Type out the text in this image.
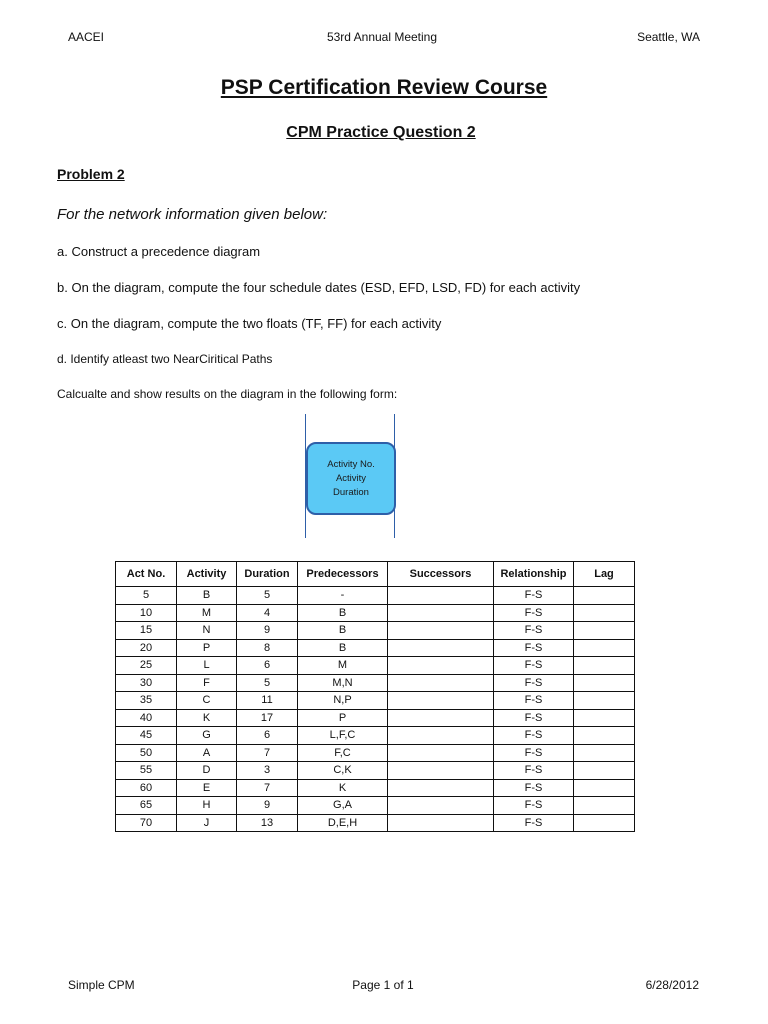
AACEI	53rd Annual Meeting	Seattle, WA
PSP Certification Review Course
CPM Practice Question 2
Problem 2
For the network information given below:
a. Construct a precedence diagram
b. On the diagram, compute the four schedule dates (ESD, EFD, LSD, FD) for each activity
c. On the diagram, compute the two floats (TF, FF) for each activity
d. Identify atleast two NearCiritical Paths
Calcualte and show results on the diagram in the following form:
Activity No.
Activity
Duration
Act No.	Activity	Duration	Predecessors	Successors	Relationship	Lag
5	B	5	-		F-S	
10	M	4	B		F-S	
15	N	9	B		F-S	
20	P	8	B		F-S	
25	L	6	M		F-S	
30	F	5	M,N		F-S	
35	C	11	N,P		F-S	
40	K	17	P		F-S	
45	G	6	L,F,C		F-S	
50	A	7	F,C		F-S	
55	D	3	C,K		F-S	
60	E	7	K		F-S	
65	H	9	G,A		F-S	
70	J	13	D,E,H		F-S	
Simple CPM	Page 1 of 1	6/28/2012
